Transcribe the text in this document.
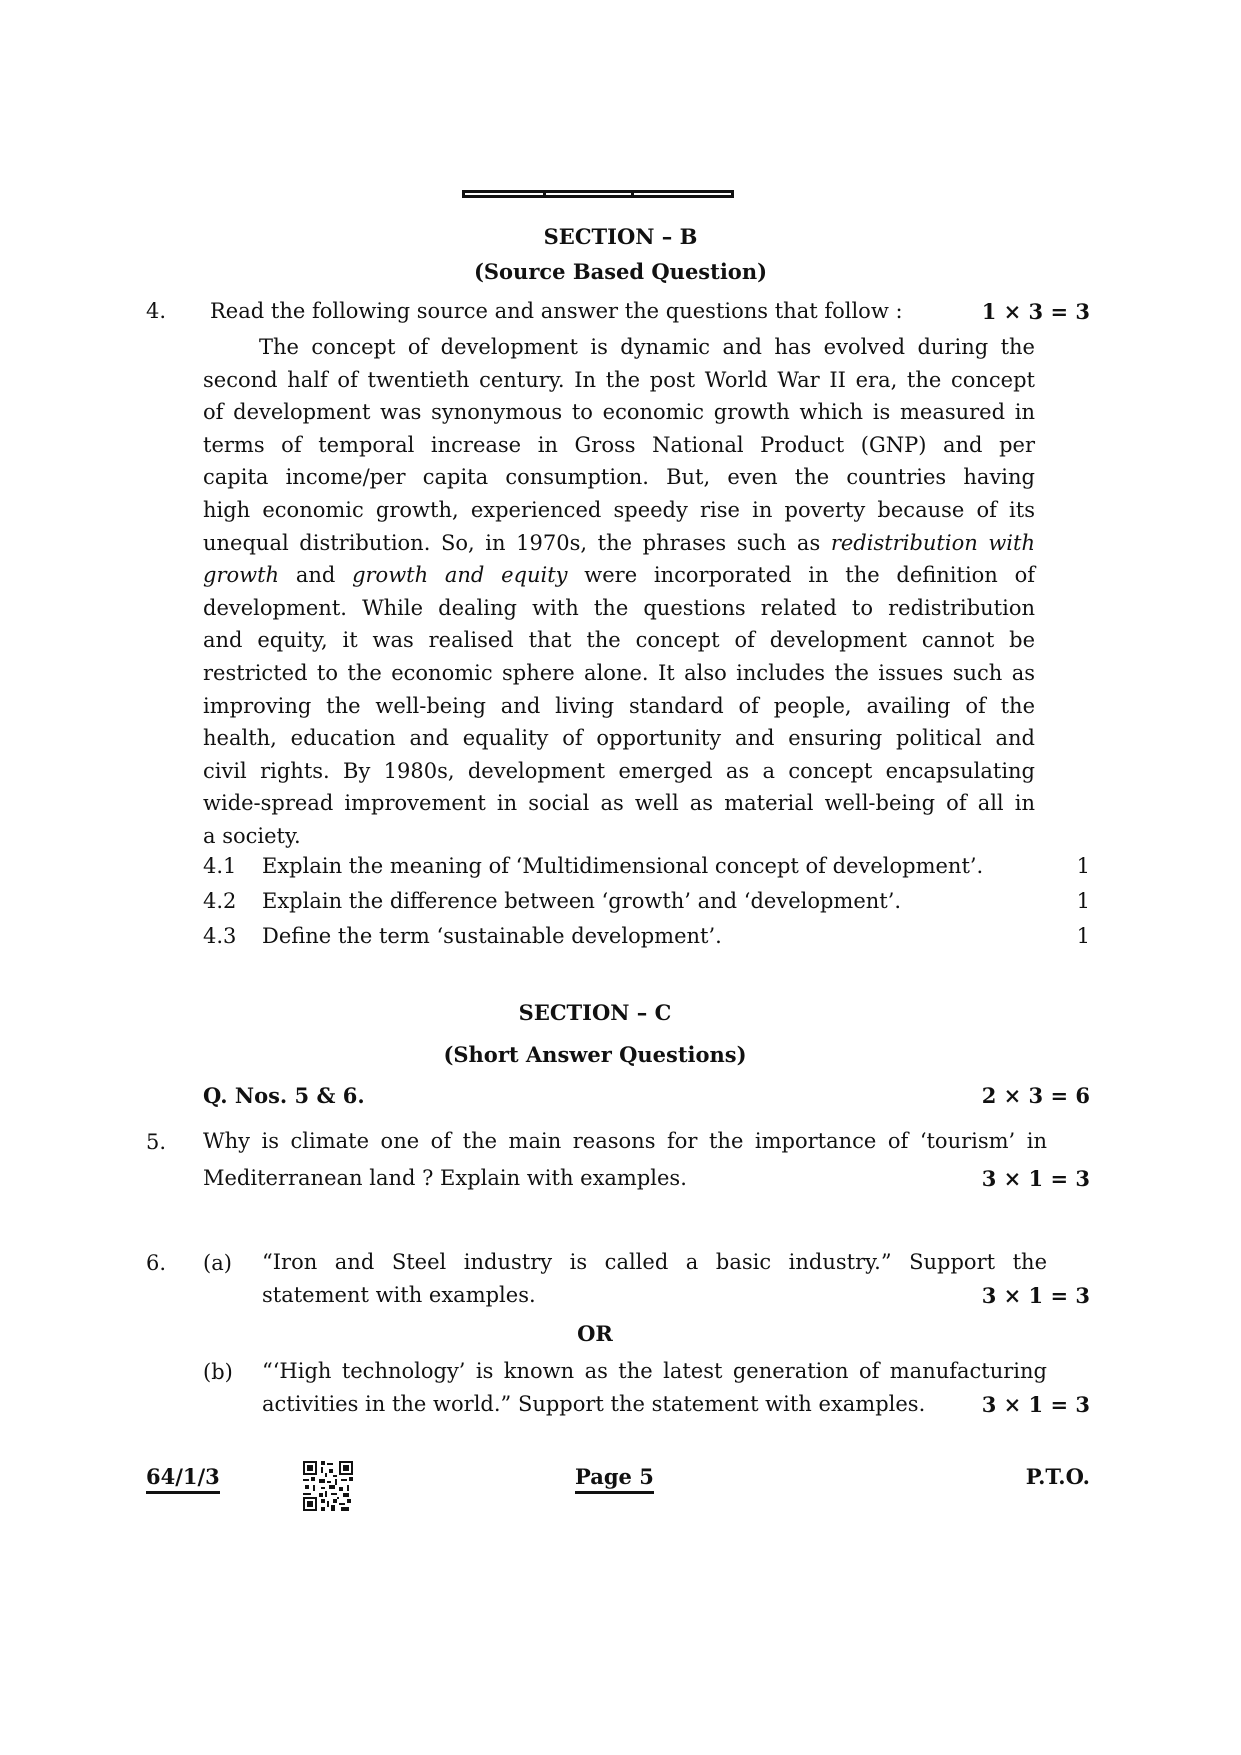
SECTION – B
(Source Based Question)
4. Read the following source and answer the questions that follow :	1 × 3 = 3
The concept of development is dynamic and has evolved during the
second half of twentieth century. In the post World War II era, the concept
of development was synonymous to economic growth which is measured in
terms of temporal increase in Gross National Product (GNP) and per
capita income/per capita consumption. But, even the countries having
high economic growth, experienced speedy rise in poverty because of its
unequal distribution. So, in 1970s, the phrases such as redistribution with
growth and growth and equity were incorporated in the definition of
development. While dealing with the questions related to redistribution
and equity, it was realised that the concept of development cannot be
restricted to the economic sphere alone. It also includes the issues such as
improving the well-being and living standard of people, availing of the
health, education and equality of opportunity and ensuring political and
civil rights. By 1980s, development emerged as a concept encapsulating
wide-spread improvement in social as well as material well-being of all in
a society.
4.1 Explain the meaning of ‘Multidimensional concept of development’.	1
4.2 Explain the difference between ‘growth’ and ‘development’.	1
4.3 Define the term ‘sustainable development’.	1
SECTION – C
(Short Answer Questions)
Q. Nos. 5 & 6.	2 × 3 = 6
5. Why is climate one of the main reasons for the importance of ‘tourism’ in
Mediterranean land ? Explain with examples.	3 × 1 = 3
6. (a) “Iron and Steel industry is called a basic industry.” Support the
statement with examples.	3 × 1 = 3
OR
(b) “‘High technology’ is known as the latest generation of manufacturing
activities in the world.” Support the statement with examples.	3 × 1 = 3
64/1/3	Page 5	P.T.O.
